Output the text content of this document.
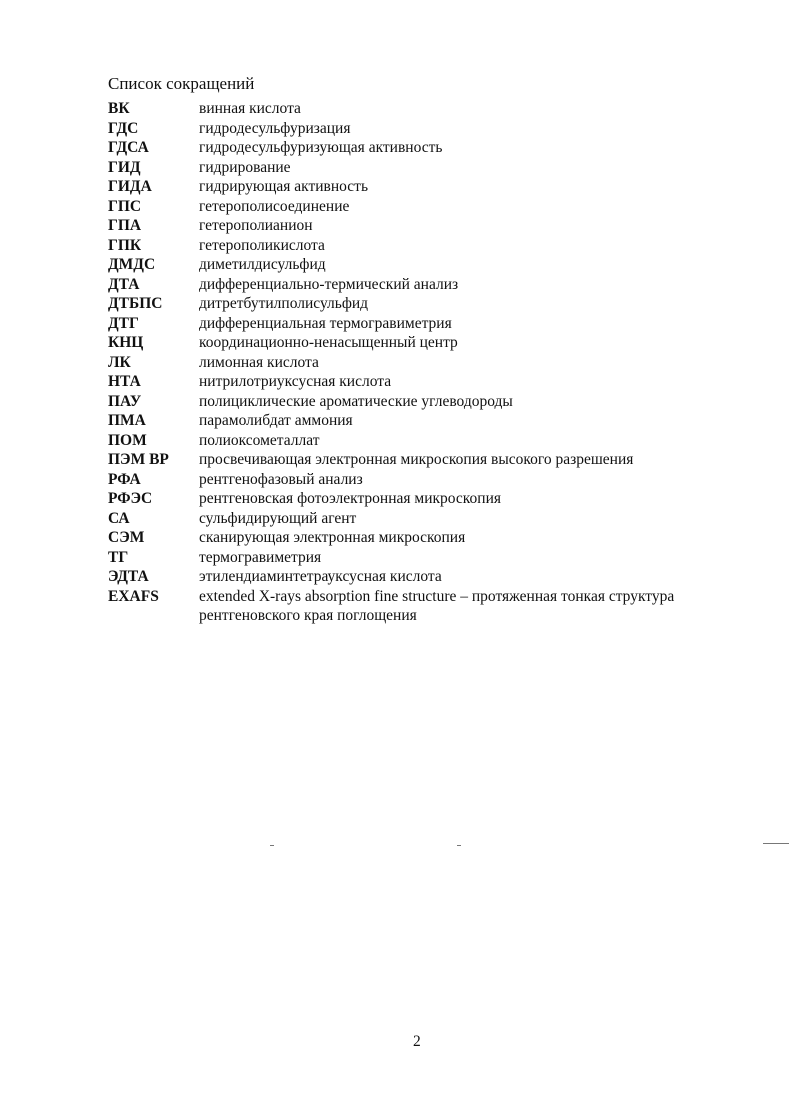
Список сокращений
ВК	винная кислота
ГДС	гидродесульфуризация
ГДСА	гидродесульфуризующая активность
ГИД	гидрирование
ГИДА	гидрирующая активность
ГПС	гетерополисоединение
ГПА	гетерополианион
ГПК	гетерополикислота
ДМДС	диметилдисульфид
ДТА	дифференциально-термический анализ
ДТБПС	дитретбутилполисульфид
ДТГ	дифференциальная термогравиметрия
КНЦ	координационно-ненасыщенный центр
ЛК	лимонная кислота
НТА	нитрилотриуксусная кислота
ПАУ	полициклические ароматические углеводороды
ПМА	парамолибдат аммония
ПОМ	полиоксометаллат
ПЭМ ВР	просвечивающая электронная микроскопия высокого разрешения
РФА	рентгенофазовый анализ
РФЭС	рентгеновская фотоэлектронная микроскопия
СА	сульфидирующий агент
СЭМ	сканирующая электронная микроскопия
ТГ	термогравиметрия
ЭДТА	этилендиаминтетрауксусная кислота
EXAFS	extended X-rays absorption fine structure – протяженная тонкая структура рентгеновского края поглощения
2
